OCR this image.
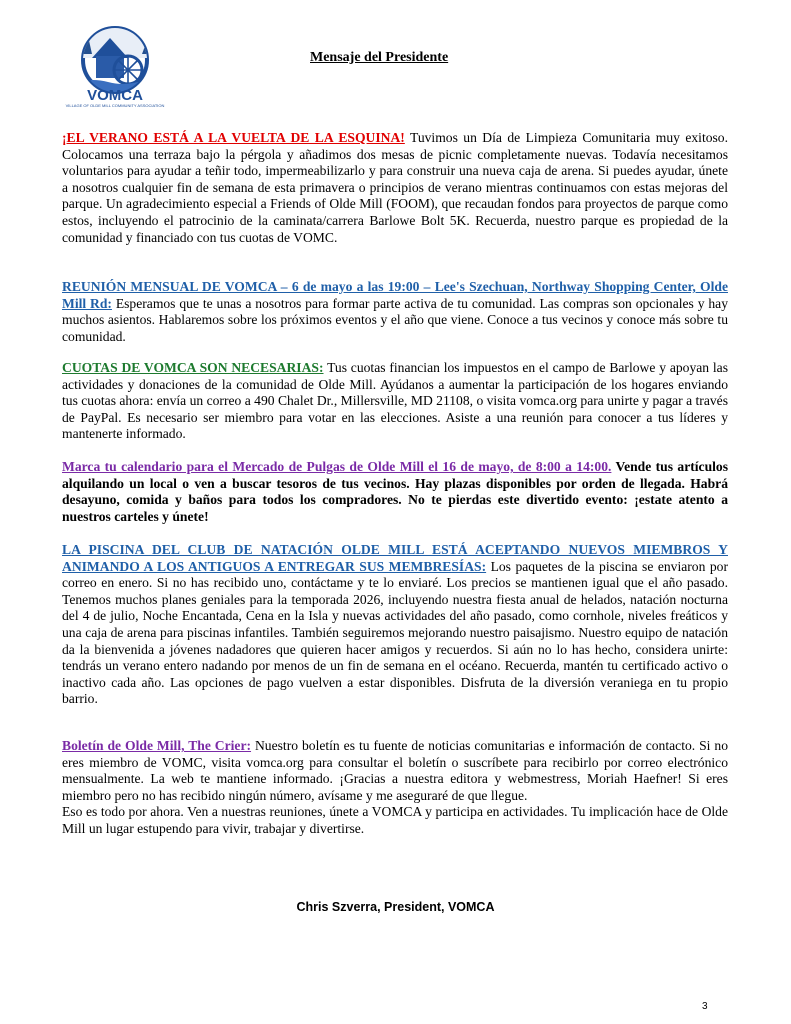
VOMCA
VILLAGE OF OLDE MILL COMMUNITY ASSOCIATION
Mensaje del Presidente
¡EL VERANO ESTÁ A LA VUELTA DE LA ESQUINA! Tuvimos un Día de Limpieza Comunitaria muy exitoso. Colocamos una terraza bajo la pérgola y añadimos dos mesas de picnic completamente nuevas. Todavía necesitamos voluntarios para ayudar a teñir todo, impermeabilizarlo y para construir una nueva caja de arena. Si puedes ayudar, únete a nosotros cualquier fin de semana de esta primavera o principios de verano mientras continuamos con estas mejoras del parque. Un agradecimiento especial a Friends of Olde Mill (FOOM), que recaudan fondos para proyectos de parque como estos, incluyendo el patrocinio de la caminata/carrera Barlowe Bolt 5K. Recuerda, nuestro parque es propiedad de la comunidad y financiado con tus cuotas de VOMC.
REUNIÓN MENSUAL DE VOMCA – 6 de mayo a las 19:00 – Lee's Szechuan, Northway Shopping Center, Olde Mill Rd: Esperamos que te unas a nosotros para formar parte activa de tu comunidad. Las compras son opcionales y hay muchos asientos. Hablaremos sobre los próximos eventos y el año que viene. Conoce a tus vecinos y conoce más sobre tu comunidad.
CUOTAS DE VOMCA SON NECESARIAS: Tus cuotas financian los impuestos en el campo de Barlowe y apoyan las actividades y donaciones de la comunidad de Olde Mill. Ayúdanos a aumentar la participación de los hogares enviando tus cuotas ahora: envía un correo a 490 Chalet Dr., Millersville, MD 21108, o visita vomca.org para unirte y pagar a través de PayPal. Es necesario ser miembro para votar en las elecciones. Asiste a una reunión para conocer a tus líderes y mantenerte informado.
Marca tu calendario para el Mercado de Pulgas de Olde Mill el 16 de mayo, de 8:00 a 14:00. Vende tus artículos alquilando un local o ven a buscar tesoros de tus vecinos. Hay plazas disponibles por orden de llegada. Habrá desayuno, comida y baños para todos los compradores. No te pierdas este divertido evento: ¡estate atento a nuestros carteles y únete!
LA PISCINA DEL CLUB DE NATACIÓN OLDE MILL ESTÁ ACEPTANDO NUEVOS MIEMBROS Y ANIMANDO A LOS ANTIGUOS A ENTREGAR SUS MEMBRESÍAS: Los paquetes de la piscina se enviaron por correo en enero. Si no has recibido uno, contáctame y te lo enviaré. Los precios se mantienen igual que el año pasado. Tenemos muchos planes geniales para la temporada 2026, incluyendo nuestra fiesta anual de helados, natación nocturna del 4 de julio, Noche Encantada, Cena en la Isla y nuevas actividades del año pasado, como cornhole, niveles freáticos y una caja de arena para piscinas infantiles. También seguiremos mejorando nuestro paisajismo. Nuestro equipo de natación da la bienvenida a jóvenes nadadores que quieren hacer amigos y recuerdos. Si aún no lo has hecho, considera unirte: tendrás un verano entero nadando por menos de un fin de semana en el océano. Recuerda, mantén tu certificado activo o inactivo cada año. Las opciones de pago vuelven a estar disponibles. Disfruta de la diversión veraniega en tu propio barrio.
Boletín de Olde Mill, The Crier: Nuestro boletín es tu fuente de noticias comunitarias e información de contacto. Si no eres miembro de VOMC, visita vomca.org para consultar el boletín o suscríbete para recibirlo por correo electrónico mensualmente. La web te mantiene informado. ¡Gracias a nuestra editora y webmestress, Moriah Haefner! Si eres miembro pero no has recibido ningún número, avísame y me aseguraré de que llegue.
Eso es todo por ahora. Ven a nuestras reuniones, únete a VOMCA y participa en actividades. Tu implicación hace de Olde Mill un lugar estupendo para vivir, trabajar y divertirse.
Chris Szverra, President, VOMCA
3
